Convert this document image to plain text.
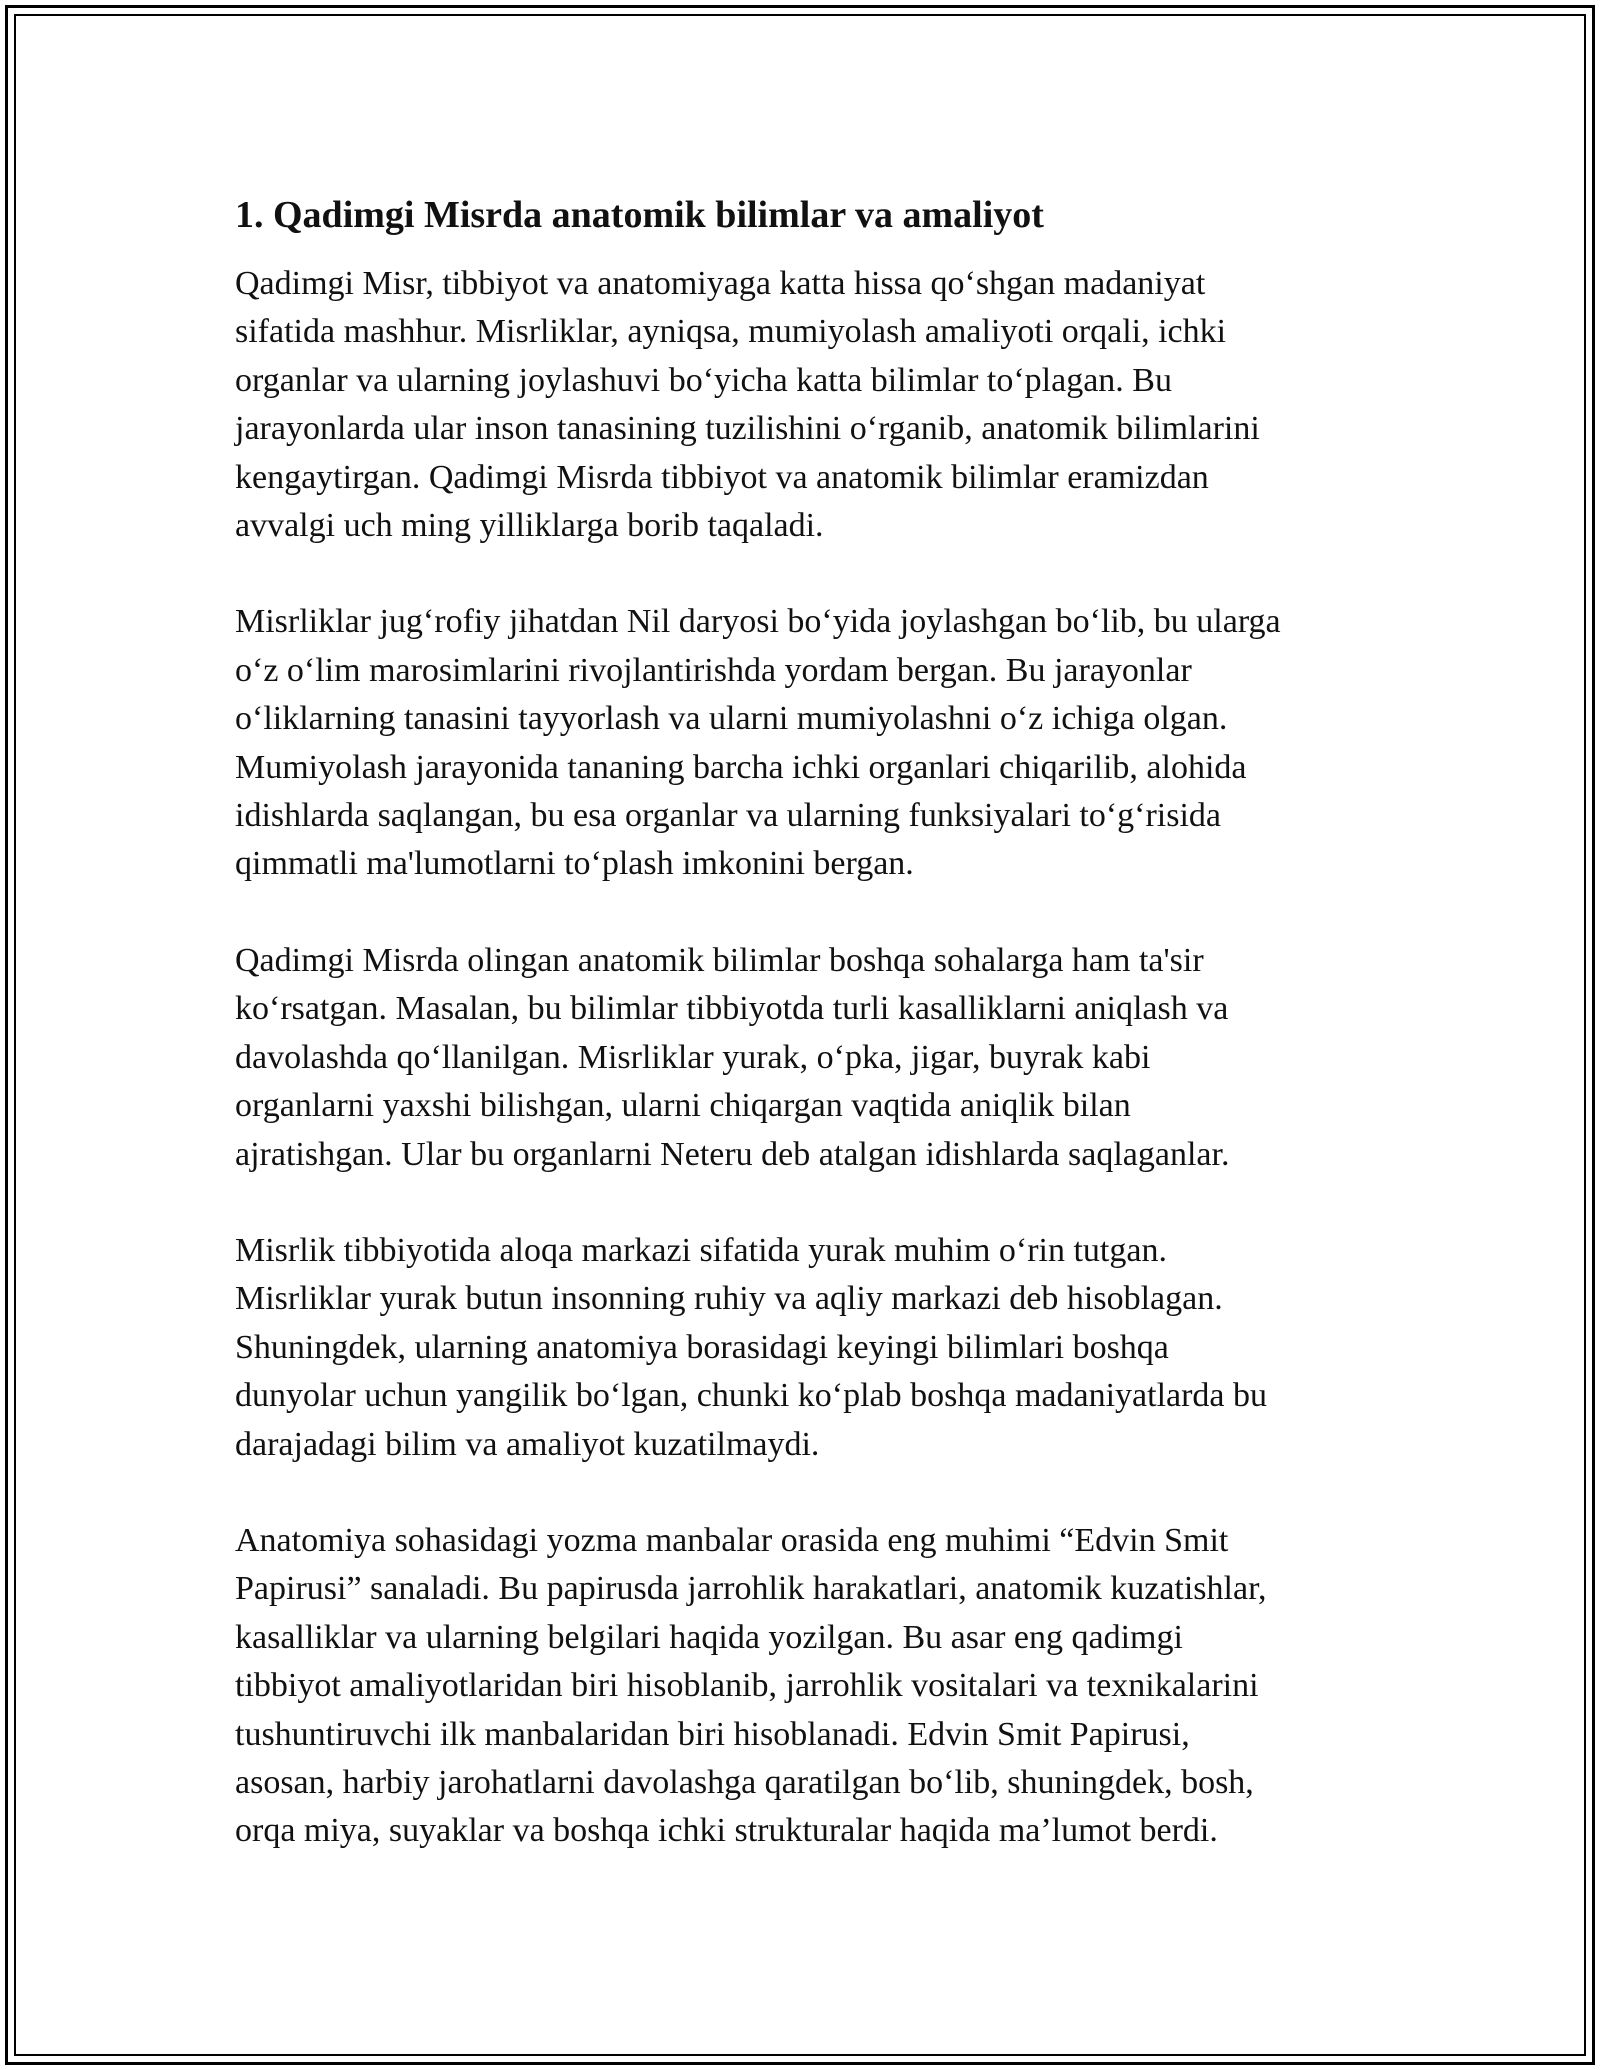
1. Qadimgi Misrda anatomik bilimlar va amaliyot

Qadimgi Misr, tibbiyot va anatomiyaga katta hissa qo‘shgan madaniyat
sifatida mashhur. Misrliklar, ayniqsa, mumiyolash amaliyoti orqali, ichki
organlar va ularning joylashuvi bo‘yicha katta bilimlar to‘plagan. Bu
jarayonlarda ular inson tanasining tuzilishini o‘rganib, anatomik bilimlarini
kengaytirgan. Qadimgi Misrda tibbiyot va anatomik bilimlar eramizdan
avvalgi uch ming yilliklarga borib taqaladi.

Misrliklar jug‘rofiy jihatdan Nil daryosi bo‘yida joylashgan bo‘lib, bu ularga
o‘z o‘lim marosimlarini rivojlantirishda yordam bergan. Bu jarayonlar
o‘liklarning tanasini tayyorlash va ularni mumiyolashni o‘z ichiga olgan.
Mumiyolash jarayonida tananing barcha ichki organlari chiqarilib, alohida
idishlarda saqlangan, bu esa organlar va ularning funksiyalari to‘g‘risida
qimmatli ma'lumotlarni to‘plash imkonini bergan.

Qadimgi Misrda olingan anatomik bilimlar boshqa sohalarga ham ta'sir
ko‘rsatgan. Masalan, bu bilimlar tibbiyotda turli kasalliklarni aniqlash va
davolashda qo‘llanilgan. Misrliklar yurak, o‘pka, jigar, buyrak kabi
organlarni yaxshi bilishgan, ularni chiqargan vaqtida aniqlik bilan
ajratishgan. Ular bu organlarni Neteru deb atalgan idishlarda saqlaganlar.

Misrlik tibbiyotida aloqa markazi sifatida yurak muhim o‘rin tutgan.
Misrliklar yurak butun insonning ruhiy va aqliy markazi deb hisoblagan.
Shuningdek, ularning anatomiya borasidagi keyingi bilimlari boshqa
dunyolar uchun yangilik bo‘lgan, chunki ko‘plab boshqa madaniyatlarda bu
darajadagi bilim va amaliyot kuzatilmaydi.

Anatomiya sohasidagi yozma manbalar orasida eng muhimi “Edvin Smit
Papirusi” sanaladi. Bu papirusda jarrohlik harakatlari, anatomik kuzatishlar,
kasalliklar va ularning belgilari haqida yozilgan. Bu asar eng qadimgi
tibbiyot amaliyotlaridan biri hisoblanib, jarrohlik vositalari va texnikalarini
tushuntiruvchi ilk manbalaridan biri hisoblanadi. Edvin Smit Papirusi,
asosan, harbiy jarohatlarni davolashga qaratilgan bo‘lib, shuningdek, bosh,
orqa miya, suyaklar va boshqa ichki strukturalar haqida ma’lumot berdi.
